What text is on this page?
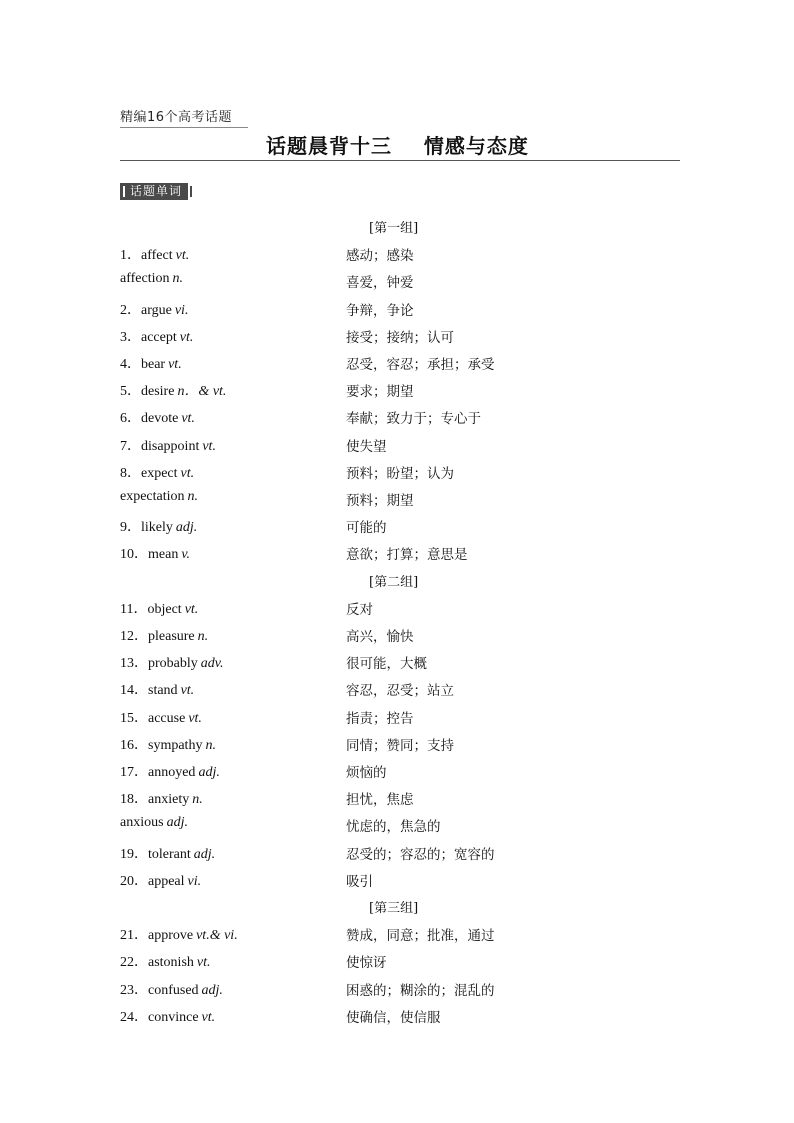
精编16个高考话题
话题晨背十三    情感与态度
话题单词
[第一组]
1．affect vt.	感动；感染
affection n.	喜爱，钟爱
2．argue vi.	争辩，争论
3．accept vt.	接受；接纳；认可
4．bear vt.	忍受，容忍；承担；承受
5．desire n．& vt.	要求；期望
6．devote vt.	奉献；致力于；专心于
7．disappoint vt.	使失望
8．expect vt.	预料；盼望；认为
expectation n.	预料；期望
9．likely adj.	可能的
10．mean v.	意欲；打算；意思是
[第二组]
11．object vt.	反对
12．pleasure n.	高兴，愉快
13．probably adv.	很可能，大概
14．stand vt.	容忍，忍受；站立
15．accuse vt.	指责；控告
16．sympathy n.	同情；赞同；支持
17．annoyed adj.	烦恼的
18．anxiety n.	担忧，焦虑
anxious adj.	忧虑的，焦急的
19．tolerant adj.	忍受的；容忍的；宽容的
20．appeal vi.	吸引
[第三组]
21．approve vt.& vi.	赞成，同意；批准，通过
22．astonish vt.	使惊讶
23．confused adj.	困惑的；糊涂的；混乱的
24．convince vt.	使确信，使信服
